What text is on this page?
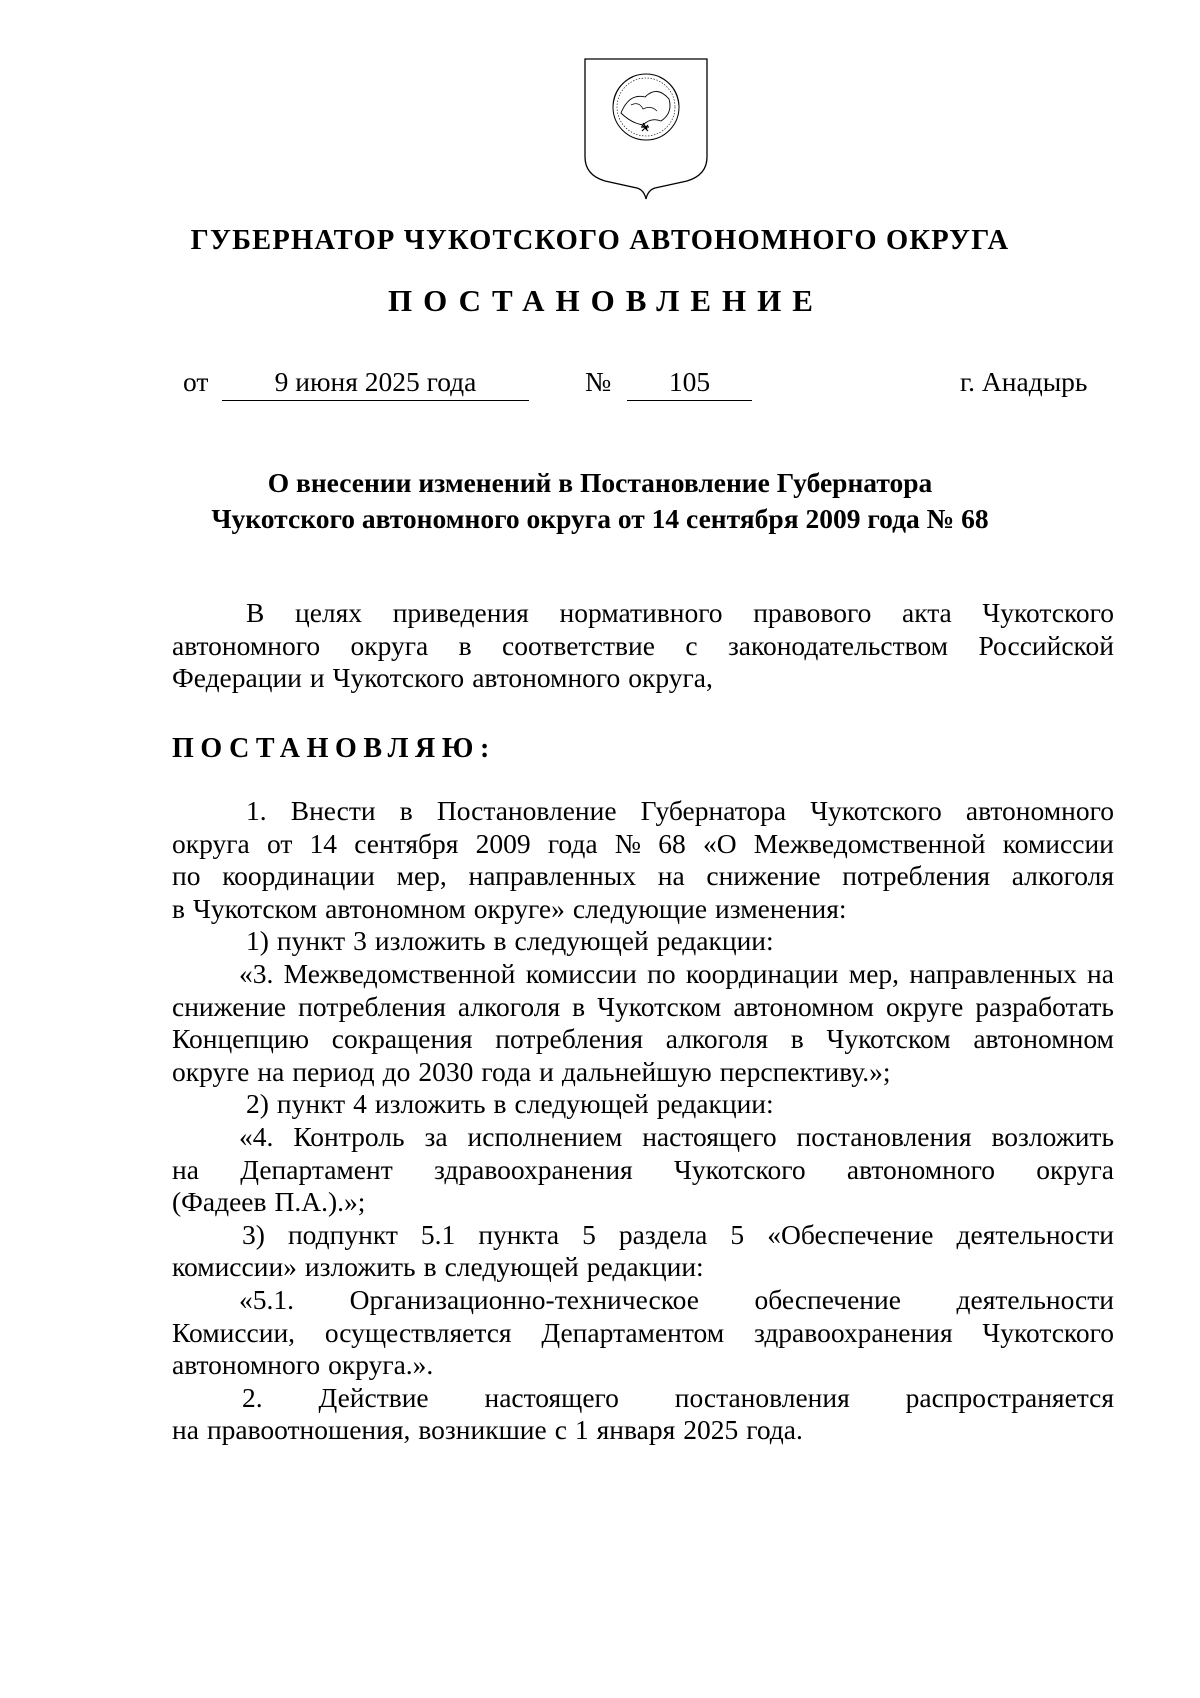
ГУБЕРНАТОР ЧУКОТСКОГО АВТОНОМНОГО ОКРУГА
ПОСТАНОВЛЕНИЕ
от	9 июня 2025 года	№	105	г. Анадырь
О внесении изменений в Постановление Губернатора
Чукотского автономного округа от 14 сентября 2009 года № 68
В целях приведения нормативного правового акта Чукотского
автономного округа в соответствие с законодательством Российской
Федерации и Чукотского автономного округа,
ПОСТАНОВЛЯЮ:
1. Внести в Постановление Губернатора Чукотского автономного
округа от 14 сентября 2009 года № 68 «О Межведомственной комиссии
по координации мер, направленных на снижение потребления алкоголя
в Чукотском автономном округе» следующие изменения:
1) пункт 3 изложить в следующей редакции:
«3. Межведомственной комиссии по координации мер, направленных на
снижение потребления алкоголя в Чукотском автономном округе разработать
Концепцию сокращения потребления алкоголя в Чукотском автономном
округе на период до 2030 года и дальнейшую перспективу.»;
2) пункт 4 изложить в следующей редакции:
«4. Контроль за исполнением настоящего постановления возложить
на Департамент здравоохранения Чукотского автономного округа
(Фадеев П.А.).»;
3) подпункт 5.1 пункта 5 раздела 5 «Обеспечение деятельности
комиссии» изложить в следующей редакции:
«5.1. Организационно-техническое обеспечение деятельности
Комиссии, осуществляется Департаментом здравоохранения Чукотского
автономного округа.».
2. Действие настоящего постановления распространяется
на правоотношения, возникшие с 1 января 2025 года.
